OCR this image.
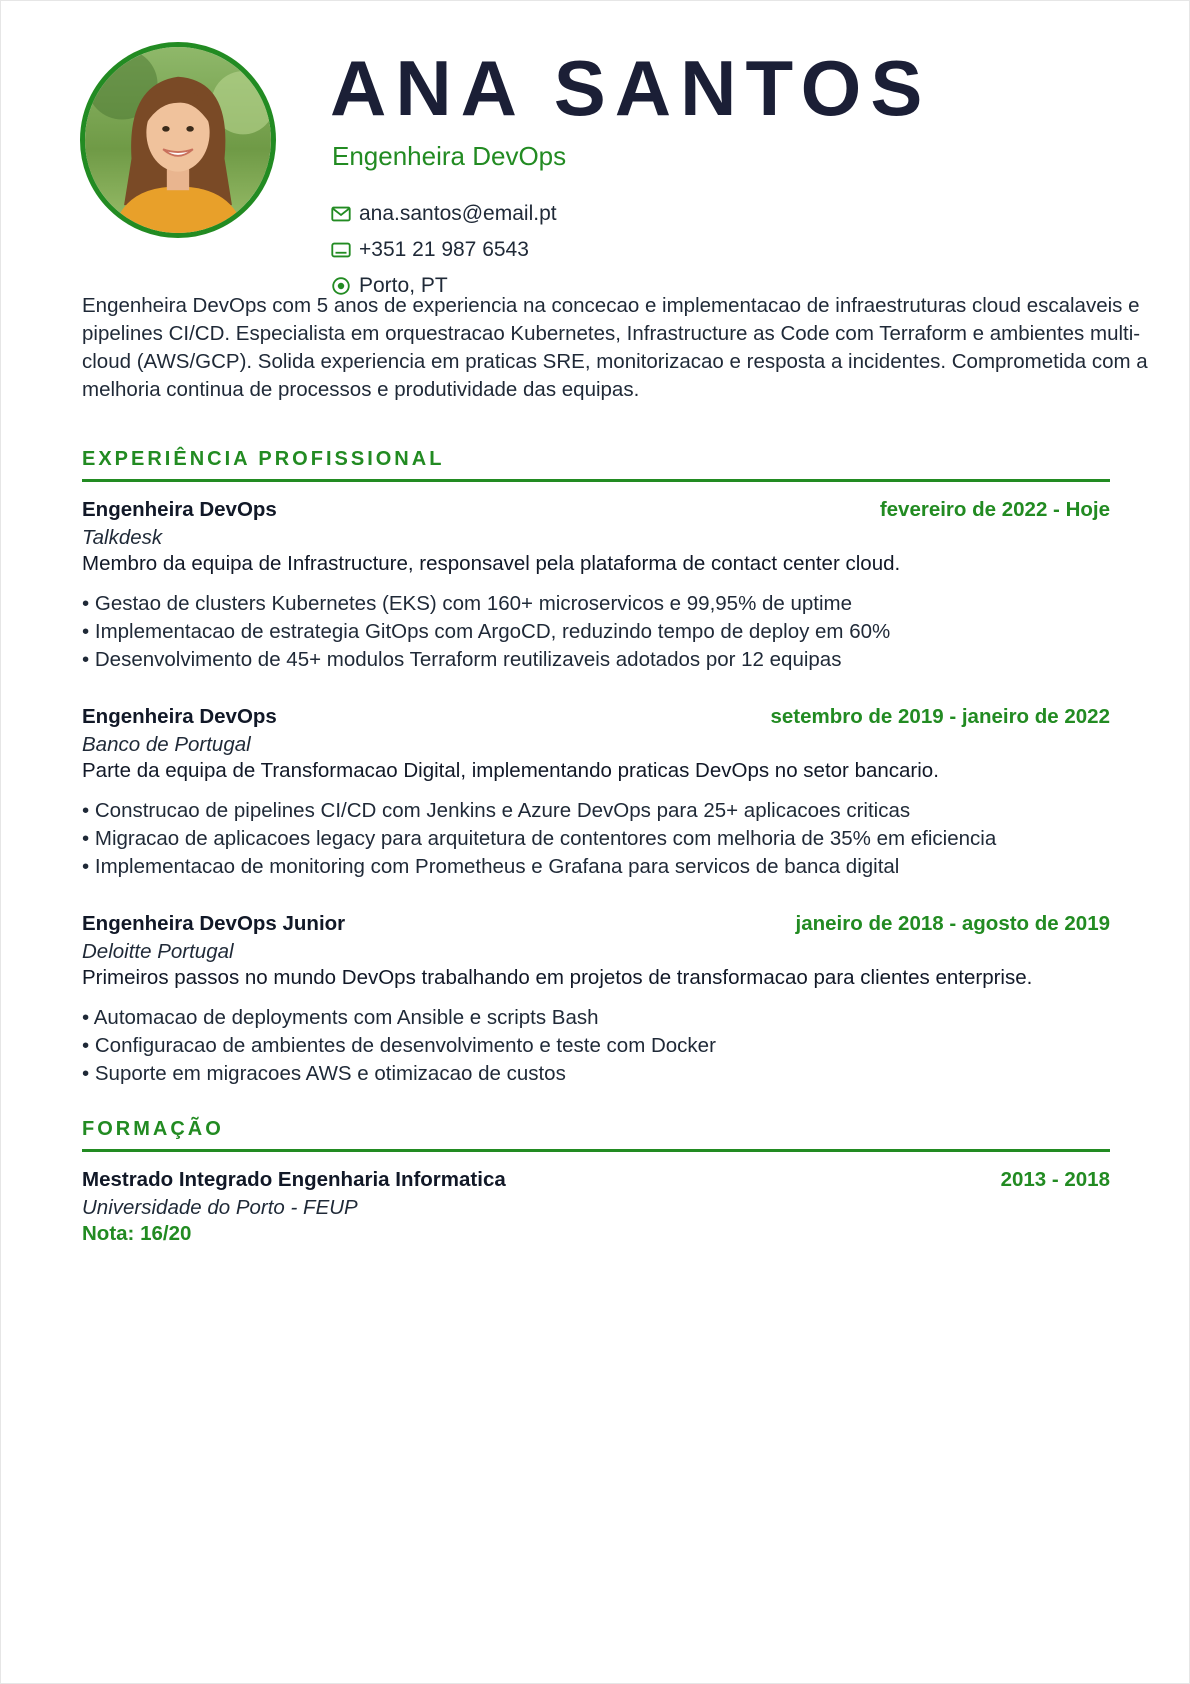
ANA SANTOS
Engenheira DevOps
ana.santos@email.pt
+351 21 987 6543
Porto, PT

Engenheira DevOps com 5 anos de experiencia na concecao e implementacao de infraestruturas cloud escalaveis e pipelines CI/CD. Especialista em orquestracao Kubernetes, Infrastructure as Code com Terraform e ambientes multi-cloud (AWS/GCP). Solida experiencia em praticas SRE, monitorizacao e resposta a incidentes. Comprometida com a melhoria continua de processos e produtividade das equipas.

EXPERIÊNCIA PROFISSIONAL
Engenheira DevOps	fevereiro de 2022 - Hoje
Talkdesk
Membro da equipa de Infrastructure, responsavel pela plataforma de contact center cloud.
• Gestao de clusters Kubernetes (EKS) com 160+ microservicos e 99,95% de uptime
• Implementacao de estrategia GitOps com ArgoCD, reduzindo tempo de deploy em 60%
• Desenvolvimento de 45+ modulos Terraform reutilizaveis adotados por 12 equipas
Engenheira DevOps	setembro de 2019 - janeiro de 2022
Banco de Portugal
Parte da equipa de Transformacao Digital, implementando praticas DevOps no setor bancario.
• Construcao de pipelines CI/CD com Jenkins e Azure DevOps para 25+ aplicacoes criticas
• Migracao de aplicacoes legacy para arquitetura de contentores com melhoria de 35% em eficiencia
• Implementacao de monitoring com Prometheus e Grafana para servicos de banca digital
Engenheira DevOps Junior	janeiro de 2018 - agosto de 2019
Deloitte Portugal
Primeiros passos no mundo DevOps trabalhando em projetos de transformacao para clientes enterprise.
• Automacao de deployments com Ansible e scripts Bash
• Configuracao de ambientes de desenvolvimento e teste com Docker
• Suporte em migracoes AWS e otimizacao de custos
FORMAÇÃO
Mestrado Integrado Engenharia Informatica	2013 - 2018
Universidade do Porto - FEUP
Nota: 16/20
